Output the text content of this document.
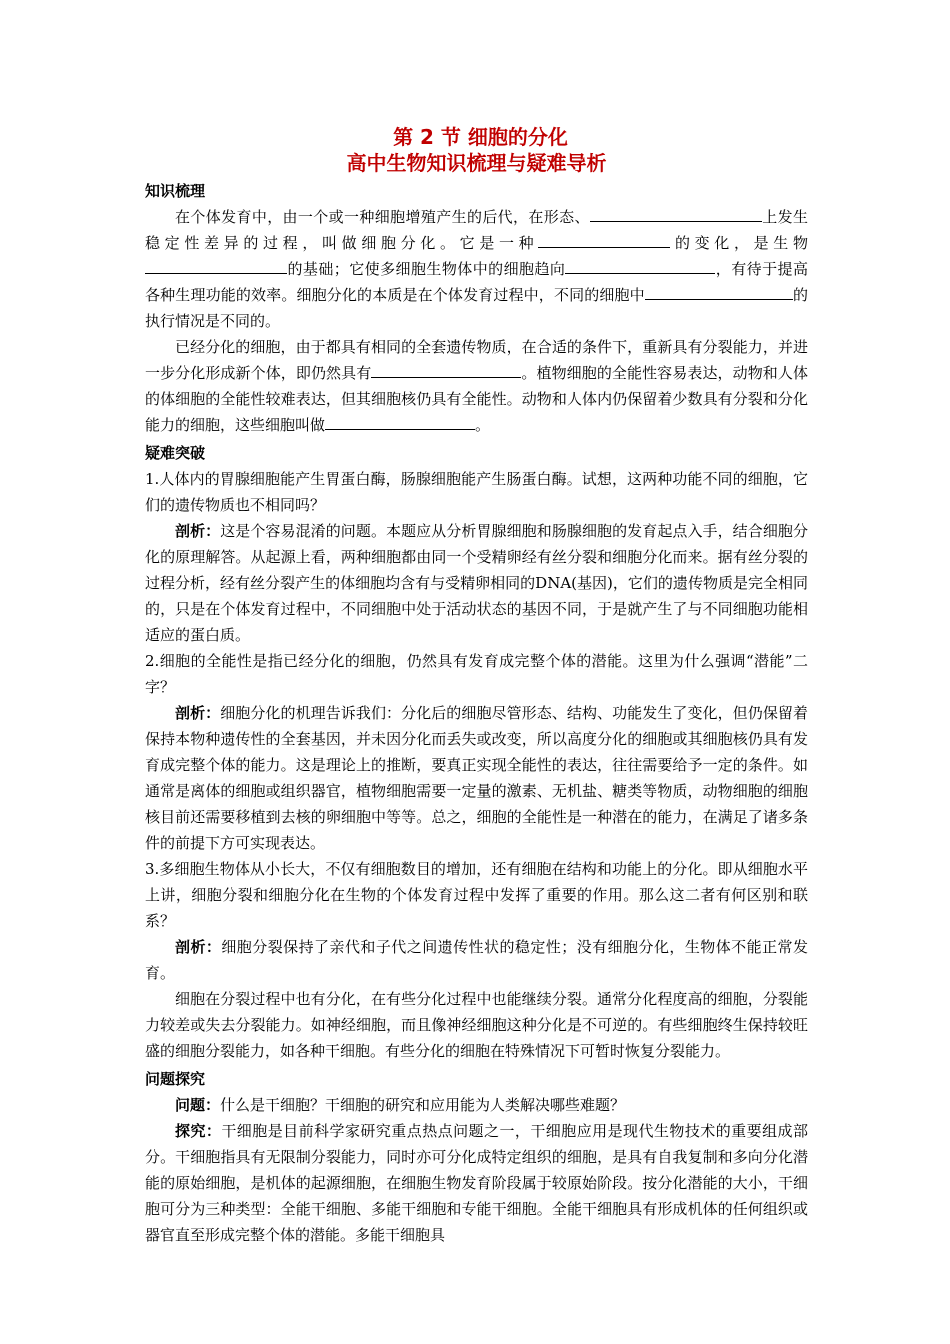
第 2 节 细胞的分化
高中生物知识梳理与疑难导析
知识梳理

在个体发育中，由一个或一种细胞增殖产生的后代，在形态、	上发生稳定性差异的过程，叫做细胞分化。它是一种	的变化，是生物的基础；它使多细胞生物体中的细胞趋向	，有待于提高各种生理功能的效率。细胞分化的本质是在个体发育过程中，不同的细胞中	的执行情况是不同的。

已经分化的细胞，由于都具有相同的全套遗传物质，在合适的条件下，重新具有分裂能力，并进一步分化形成新个体，即仍然具有	。植物细胞的全能性容易表达，动物和人体的体细胞的全能性较难表达，但其细胞核仍具有全能性。动物和人体内仍保留着少数具有分裂和分化能力的细胞，这些细胞叫做	。

疑难突破

1.人体内的胃腺细胞能产生胃蛋白酶，肠腺细胞能产生肠蛋白酶。试想，这两种功能不同的细胞，它们的遗传物质也不相同吗？

剖析：这是个容易混淆的问题。本题应从分析胃腺细胞和肠腺细胞的发育起点入手，结合细胞分化的原理解答。从起源上看，两种细胞都由同一个受精卵经有丝分裂和细胞分化而来。据有丝分裂的过程分析，经有丝分裂产生的体细胞均含有与受精卵相同的DNA(基因)，它们的遗传物质是完全相同的，只是在个体发育过程中，不同细胞中处于活动状态的基因不同，于是就产生了与不同细胞功能相适应的蛋白质。

2.细胞的全能性是指已经分化的细胞，仍然具有发育成完整个体的潜能。这里为什么强调“潜能”二字？

剖析：细胞分化的机理告诉我们：分化后的细胞尽管形态、结构、功能发生了变化，但仍保留着保持本物种遗传性的全套基因，并未因分化而丢失或改变，所以高度分化的细胞或其细胞核仍具有发育成完整个体的能力。这是理论上的推断，要真正实现全能性的表达，往往需要给予一定的条件。如通常是离体的细胞或组织器官，植物细胞需要一定量的激素、无机盐、糖类等物质，动物细胞的细胞核目前还需要移植到去核的卵细胞中等等。总之，细胞的全能性是一种潜在的能力，在满足了诸多条件的前提下方可实现表达。

3.多细胞生物体从小长大，不仅有细胞数目的增加，还有细胞在结构和功能上的分化。即从细胞水平上讲，细胞分裂和细胞分化在生物的个体发育过程中发挥了重要的作用。那么这二者有何区别和联系？

剖析：细胞分裂保持了亲代和子代之间遗传性状的稳定性；没有细胞分化，生物体不能正常发育。

细胞在分裂过程中也有分化，在有些分化过程中也能继续分裂。通常分化程度高的细胞，分裂能力较差或失去分裂能力。如神经细胞，而且像神经细胞这种分化是不可逆的。有些细胞终生保持较旺盛的细胞分裂能力，如各种干细胞。有些分化的细胞在特殊情况下可暂时恢复分裂能力。

问题探究

问题：什么是干细胞？干细胞的研究和应用能为人类解决哪些难题？

探究：干细胞是目前科学家研究重点热点问题之一，干细胞应用是现代生物技术的重要组成部分。干细胞指具有无限制分裂能力，同时亦可分化成特定组织的细胞，是具有自我复制和多向分化潜能的原始细胞，是机体的起源细胞，在细胞生物发育阶段属于较原始阶段。按分化潜能的大小，干细胞可分为三种类型：全能干细胞、多能干细胞和专能干细胞。全能干细胞具有形成机体的任何组织或器官直至形成完整个体的潜能。多能干细胞具
